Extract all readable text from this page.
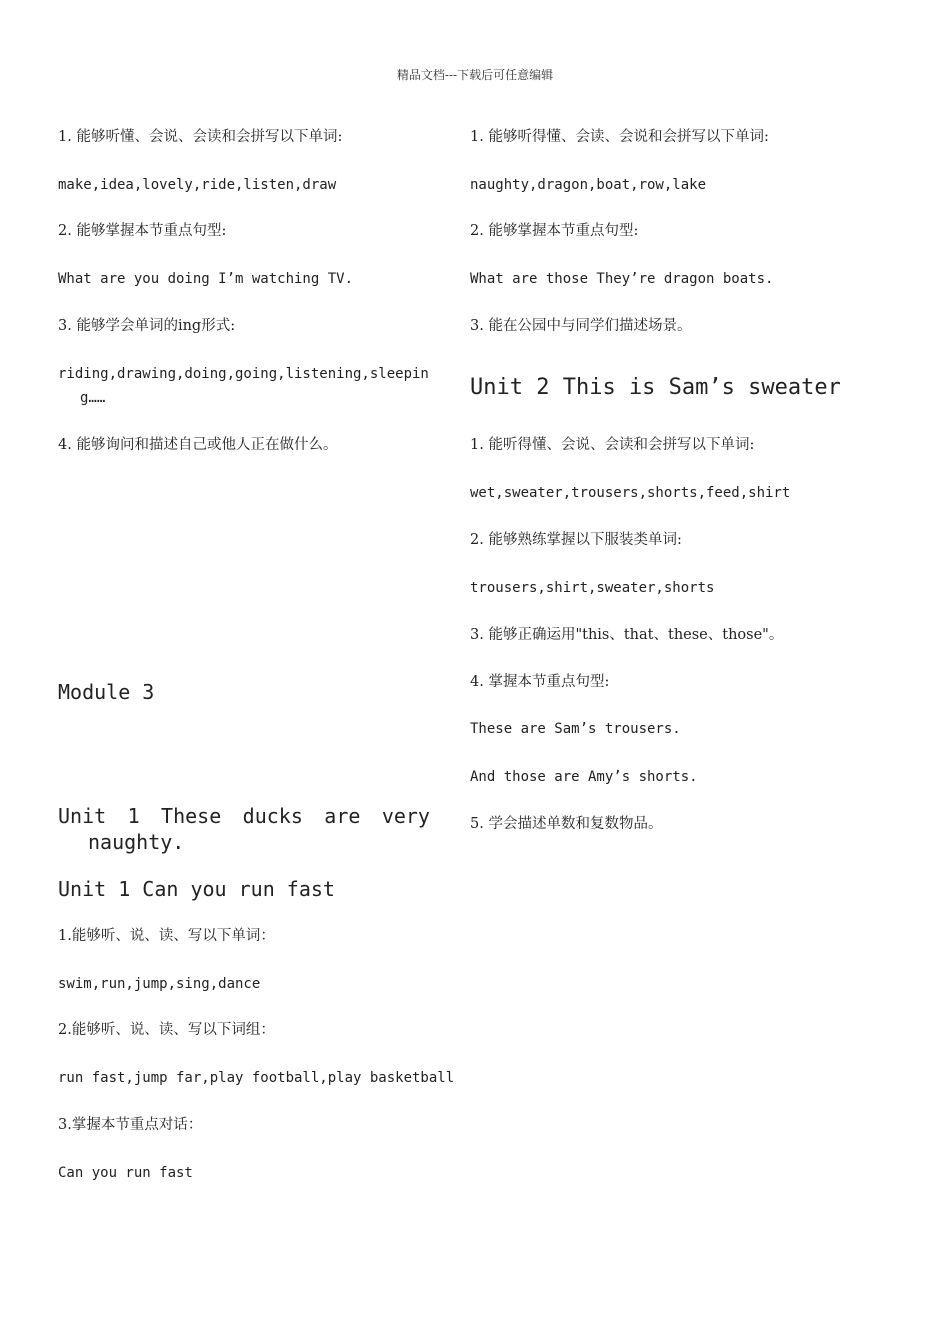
精品文档---下载后可任意编辑
1. 能够听懂、会说、会读和会拼写以下单词:
make,idea,lovely,ride,listen,draw
2. 能够掌握本节重点句型:
What are you doing I’m watching TV.
3. 能够学会单词的ing形式:
riding,drawing,doing,going,listening,sleepin
g……
4. 能够询问和描述自己或他人正在做什么。
Module 3
Unit 1 These ducks are very
naughty.
Unit 1 Can you run fast
1.能够听、说、读、写以下单词：
swim,run,jump,sing,dance
2.能够听、说、读、写以下词组：
run fast,jump far,play football,play basketball
3.掌握本节重点对话：
Can you run fast
1. 能够听得懂、会读、会说和会拼写以下单词:
naughty,dragon,boat,row,lake
2. 能够掌握本节重点句型:
What are those They’re dragon boats.
3. 能在公园中与同学们描述场景。
Unit 2 This is Sam’s sweater
1. 能听得懂、会说、会读和会拼写以下单词:
wet,sweater,trousers,shorts,feed,shirt
2. 能够熟练掌握以下服装类单词:
trousers,shirt,sweater,shorts
3. 能够正确运用"this、that、these、those"。
4. 掌握本节重点句型:
These are Sam’s trousers.
And those are Amy’s shorts.
5. 学会描述单数和复数物品。
